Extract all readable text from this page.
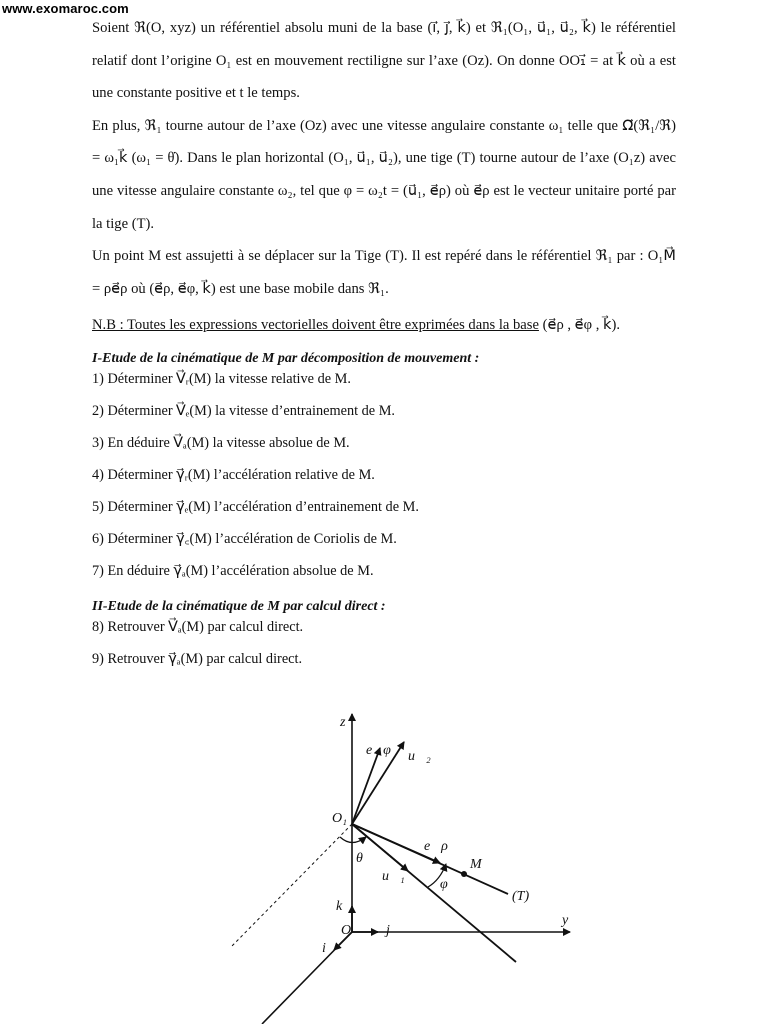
www.exomaroc.com

Soient ℜ(O, xyz) un référentiel absolu muni de la base (i⃗, j⃗, k⃗) et ℜ₁(O₁, u⃗₁, u⃗₂, k⃗) le référentiel relatif dont l’origine O₁ est en mouvement rectiligne sur l’axe (Oz). On donne OO₁⃗ = at k⃗ où a est une constante positive et t le temps.

En plus, ℜ₁ tourne autour de l’axe (Oz) avec une vitesse angulaire constante ω₁ telle que Ω⃗(ℜ₁/ℜ) = ω₁k⃗ (ω₁ = θ̇). Dans le plan horizontal (O₁, u⃗₁, u⃗₂), une tige (T) tourne autour de l’axe (O₁z) avec une vitesse angulaire constante ω₂, tel que φ = ω₂t = (u⃗₁, e⃗ρ) où e⃗ρ est le vecteur unitaire porté par la tige (T).

Un point M est assujetti à se déplacer sur la Tige (T). Il est repéré dans le référentiel ℜ₁ par : O₁M⃗ = ρe⃗ρ où (e⃗ρ, e⃗φ, k⃗) est une base mobile dans ℜ₁.

N.B : Toutes les expressions vectorielles doivent être exprimées dans la base (e⃗ρ , e⃗φ , k⃗).

I-Etude de la cinématique de M par décomposition de mouvement :
1) Déterminer V⃗ᵣ(M) la vitesse relative de M.
2) Déterminer V⃗ₑ(M) la vitesse d’entrainement de M.
3) En déduire V⃗ₐ(M) la vitesse absolue de M.
4) Déterminer γ⃗ᵣ(M) l’accélération relative de M.
5) Déterminer γ⃗ₑ(M) l’accélération d’entrainement de M.
6) Déterminer γ⃗꜀(M) l’accélération de Coriolis de M.
7) En déduire γ⃗ₐ(M) l’accélération absolue de M.
II-Etude de la cinématique de M par calcul direct :
8) Retrouver V⃗ₐ(M) par calcul direct.
9) Retrouver γ⃗ₐ(M) par calcul direct.
z
y
O
O₁
k⃗
j⃗
i⃗
u⃗₂
e⃗φ
u⃗₁
e⃗ρ
θ
φ
M
(T)
